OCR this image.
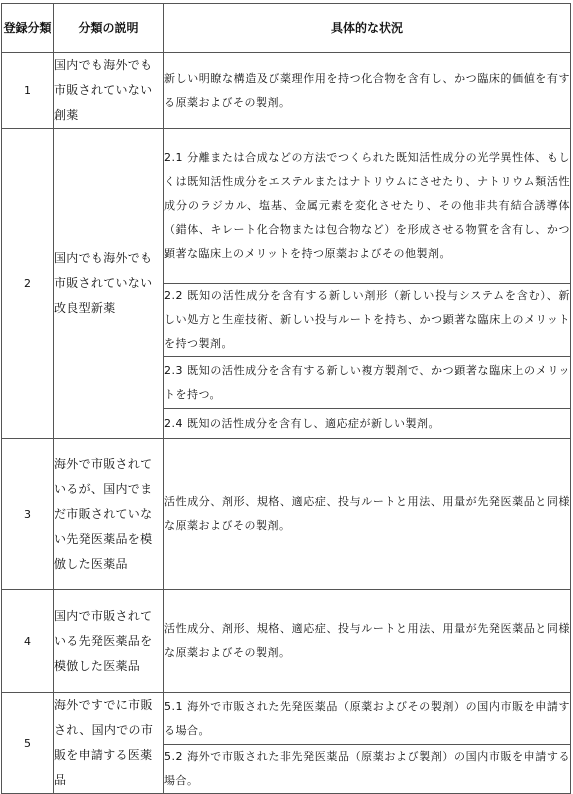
登録分類	分類の説明	具体的な状況
1	国内でも海外でも市販されていない創薬	新しい明瞭な構造及び薬理作用を持つ化合物を含有し、かつ臨床的価値を有する原薬およびその製剤。
2	国内でも海外でも市販されていない改良型新薬	2.1 分離または合成などの方法でつくられた既知活性成分の光学異性体、もしくは既知活性成分をエステルまたはナトリウムにさせたり、ナトリウム類活性成分のラジカル、塩基、金属元素を変化させたり、その他非共有結合誘導体（錯体、キレート化合物または包合物など）を形成させる物質を含有し、かつ顕著な臨床上のメリットを持つ原薬およびその他製剤。
		2.2 既知の活性成分を含有する新しい剤形（新しい投与システムを含む）、新しい処方と生産技術、新しい投与ルートを持ち、かつ顕著な臨床上のメリットを持つ製剤。
		2.3 既知の活性成分を含有する新しい複方製剤で、かつ顕著な臨床上のメリットを持つ。
		2.4 既知の活性成分を含有し、適応症が新しい製剤。
3	海外で市販されているが、国内でまだ市販されていない先発医薬品を模倣した医薬品	活性成分、剤形、規格、適応症、投与ルートと用法、用量が先発医薬品と同様な原薬およびその製剤。
4	国内で市販されている先発医薬品を模倣した医薬品	活性成分、剤形、規格、適応症、投与ルートと用法、用量が先発医薬品と同様な原薬およびその製剤。
5	海外ですでに市販され、国内での市販を申請する医薬品	5.1 海外で市販された先発医薬品（原薬およびその製剤）の国内市販を申請する場合。
		5.2 海外で市販された非先発医薬品（原薬および製剤）の国内市販を申請する場合。
